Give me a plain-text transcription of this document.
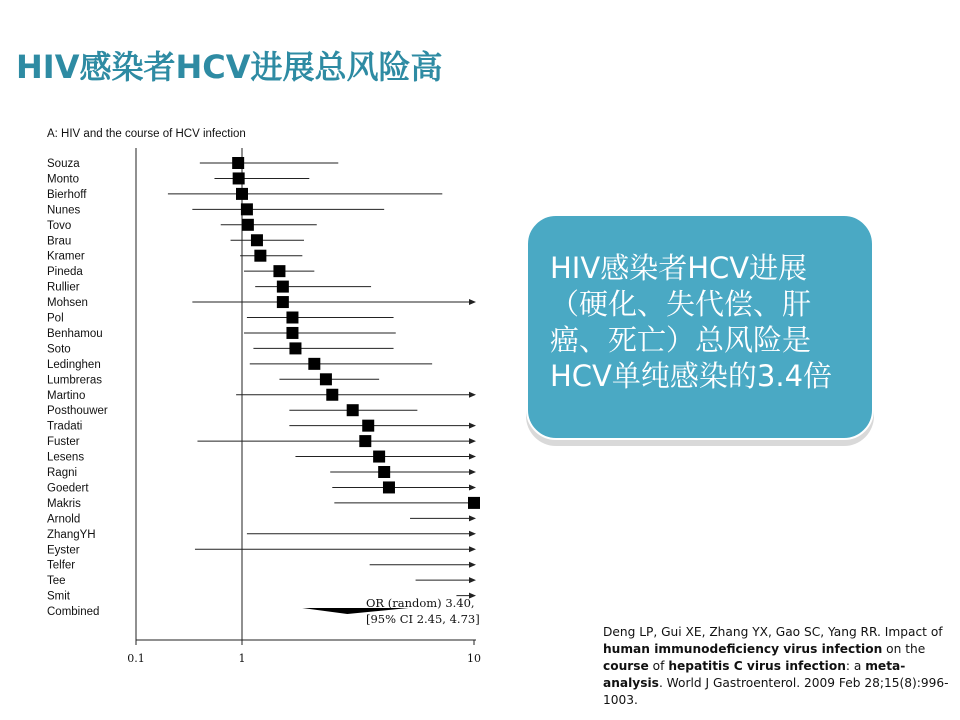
HIV感染者HCV进展总风险高
A: HIV and the course of HCV infection
0.1	1	10
Souza
Monto
Bierhoff
Nunes
Tovo
Brau
Kramer
Pineda
Rullier
Mohsen
Pol
Benhamou
Soto
Ledinghen
Lumbreras
Martino
Posthouwer
Tradati
Fuster
Lesens
Ragni
Goedert
Makris
Arnold
ZhangYH
Eyster
Telfer
Tee
Smit
Combined
OR (random) 3.40,
[95% CI 2.45, 4.73]
HIV感染者HCV进展（硬化、失代偿、肝癌、死亡）总风险是HCV单纯感染的3.4倍
Deng LP, Gui XE, Zhang YX, Gao SC, Yang RR. Impact of human immunodeficiency virus infection on the course of hepatitis C virus infection: a meta-analysis. World J Gastroenterol. 2009 Feb 28;15(8):996-1003.
